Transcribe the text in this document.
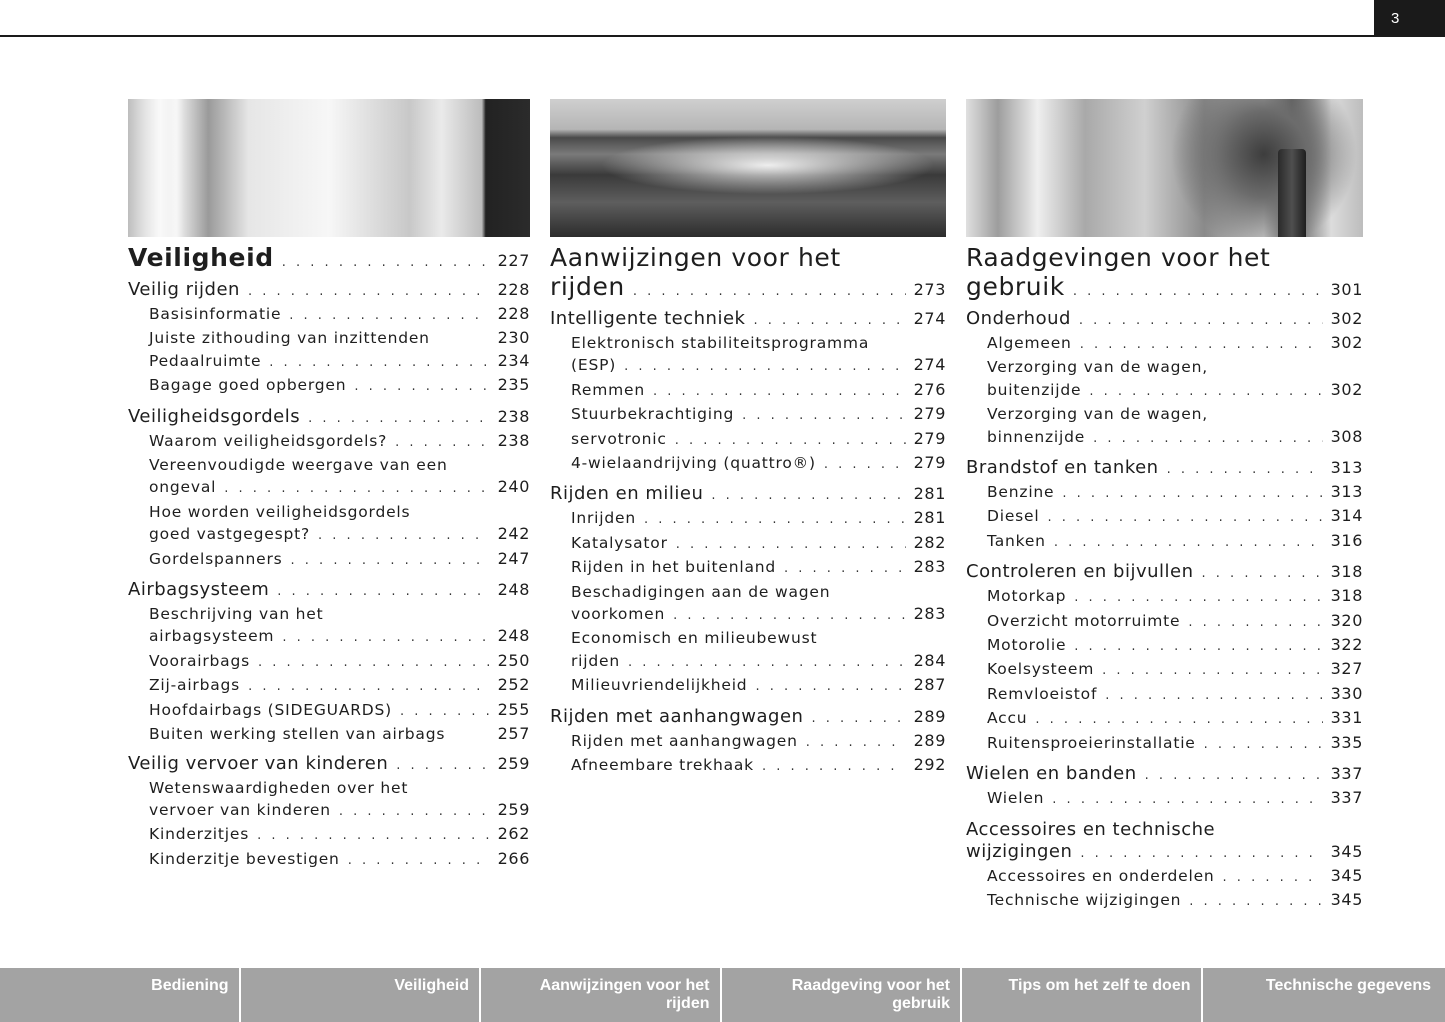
3
Veiligheid . . .	227
Veilig rijden . . .	228
Basisinformatie . . .	228
Juiste zithouding van inzittenden	230
Pedaalruimte . . .	234
Bagage goed opbergen . . .	235
Veiligheidsgordels . . .	238
Waarom veiligheidsgordels? . . .	238
Vereenvoudigde weergave van een
ongeval . . .	240
Hoe worden veiligheidsgordels
goed vastgegespt? . . .	242
Gordelspanners . . .	247
Airbagsysteem . . .	248
Beschrijving van het
airbagsysteem . . .	248
Voorairbags . . .	250
Zij-airbags . . .	252
Hoofdairbags (SIDEGUARDS) . . .	255
Buiten werking stellen van airbags	257
Veilig vervoer van kinderen . . .	259
Wetenswaardigheden over het
vervoer van kinderen . . .	259
Kinderzitjes . . .	262
Kinderzitje bevestigen . . .	266
Aanwijzingen voor het
rijden . . .	273
Intelligente techniek . . .	274
Elektronisch stabiliteitsprogramma
(ESP) . . .	274
Remmen . . .	276
Stuurbekrachtiging . . .	279
servotronic . . .	279
4-wielaandrijving (quattro®) . . .	279
Rijden en milieu . . .	281
Inrijden . . .	281
Katalysator . . .	282
Rijden in het buitenland . . .	283
Beschadigingen aan de wagen
voorkomen . . .	283
Economisch en milieubewust
rijden . . .	284
Milieuvriendelijkheid . . .	287
Rijden met aanhangwagen . . .	289
Rijden met aanhangwagen . . .	289
Afneembare trekhaak . . .	292
Raadgevingen voor het
gebruik . . .	301
Onderhoud . . .	302
Algemeen . . .	302
Verzorging van de wagen,
buitenzijde . . .	302
Verzorging van de wagen,
binnenzijde . . .	308
Brandstof en tanken . . .	313
Benzine . . .	313
Diesel . . .	314
Tanken . . .	316
Controleren en bijvullen . . .	318
Motorkap . . .	318
Overzicht motorruimte . . .	320
Motorolie . . .	322
Koelsysteem . . .	327
Remvloeistof . . .	330
Accu . . .	331
Ruitensproeierinstallatie . . .	335
Wielen en banden . . .	337
Wielen . . .	337
Accessoires en technische
wijzigingen . . .	345
Accessoires en onderdelen . . .	345
Technische wijzigingen . . .	345
Bediening	Veiligheid	Aanwijzingen voor het
rijden
Raadgeving voor het
gebruik
Tips om het zelf te doen	Technische gegevens
